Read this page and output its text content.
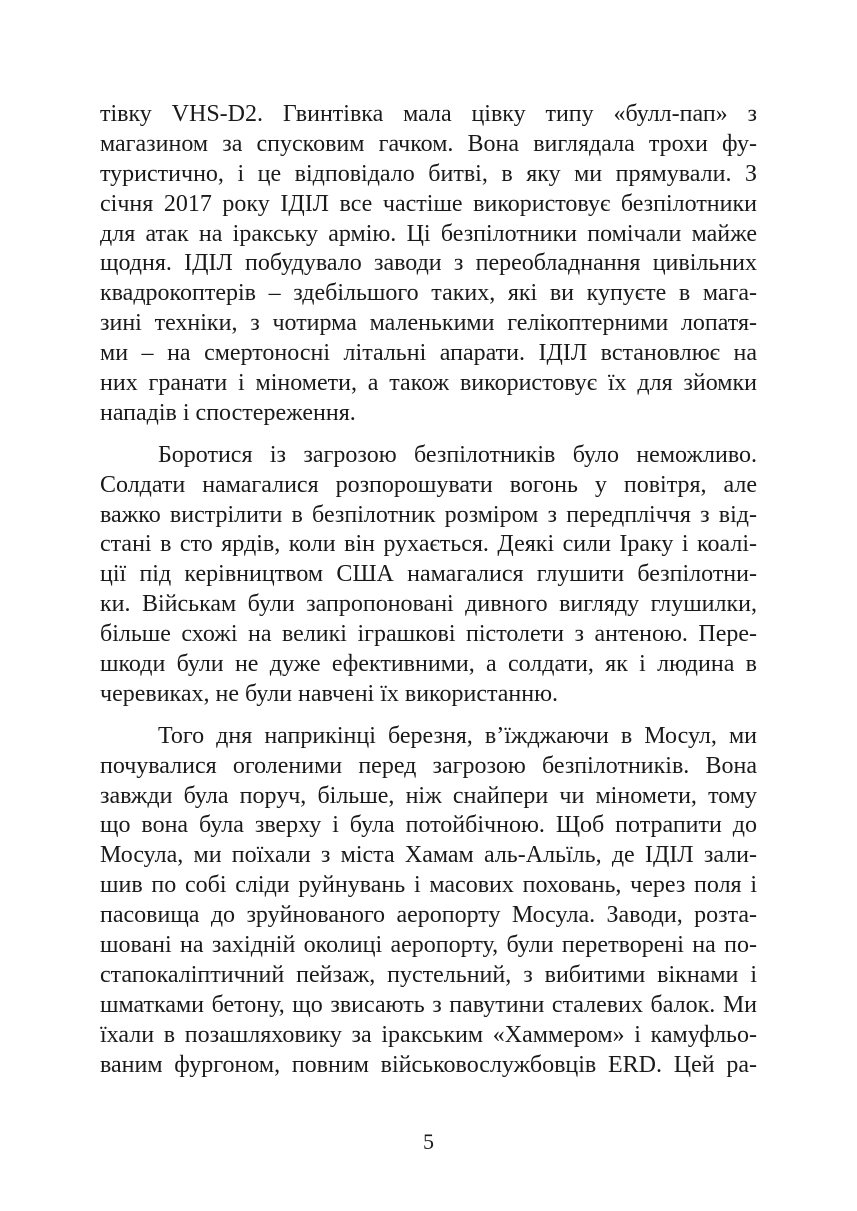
тівку VHS-D2. Гвинтівка мала цівку типу «булл-пап» з
магазином за спусковим гачком. Вона виглядала трохи фу-
туристично, і це відповідало битві, в яку ми прямували. З
січня 2017 року ІДІЛ все частіше використовує безпілотники
для атак на іракську армію. Ці безпілотники помічали майже
щодня. ІДІЛ побудувало заводи з переобладнання цивільних
квадрокоптерів – здебільшого таких, які ви купуєте в мага-
зині техніки, з чотирма маленькими гелікоптерними лопатя-
ми – на смертоносні літальні апарати. ІДІЛ встановлює на
них гранати і міномети, а також використовує їх для зйомки
нападів і спостереження.

Боротися із загрозою безпілотників було неможливо.
Солдати намагалися розпорошувати вогонь у повітря, але
важко вистрілити в безпілотник розміром з передпліччя з від-
стані в сто ярдів, коли він рухається. Деякі сили Іраку і коалі-
ції під керівництвом США намагалися глушити безпілотни-
ки. Військам були запропоновані дивного вигляду глушилки,
більше схожі на великі іграшкові пістолети з антеною. Пере-
шкоди були не дуже ефективними, а солдати, як і людина в
черевиках, не були навчені їх використанню.

Того дня наприкінці березня, в’їжджаючи в Мосул, ми
почувалися оголеними перед загрозою безпілотників. Вона
завжди була поруч, більше, ніж снайпери чи міномети, тому
що вона була зверху і була потойбічною. Щоб потрапити до
Мосула, ми поїхали з міста Хамам аль-Альїль, де ІДІЛ зали-
шив по собі сліди руйнувань і масових поховань, через поля і
пасовища до зруйнованого аеропорту Мосула. Заводи, розта-
шовані на західній околиці аеропорту, були перетворені на по-
стапокаліптичний пейзаж, пустельний, з вибитими вікнами і
шматками бетону, що звисають з павутини сталевих балок. Ми
їхали в позашляховику за іракським «Хаммером» і камуфльо-
ваним фургоном, повним військовослужбовців ERD. Цей ра-

5
